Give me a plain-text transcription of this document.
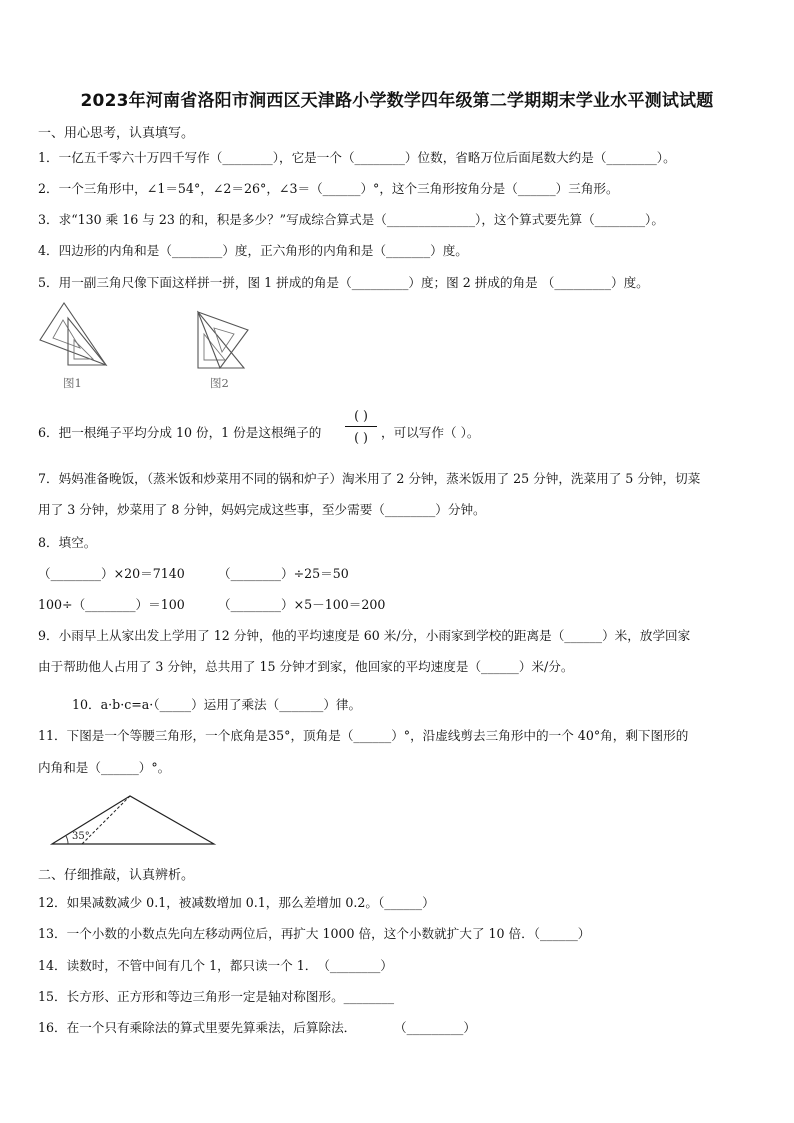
2023年河南省洛阳市涧西区天津路小学数学四年级第二学期期末学业水平测试试题
一、用心思考，认真填写。
1．一亿五千零六十万四千写作（________），它是一个（________）位数，省略万位后面尾数大约是（________）。
2．一个三角形中，∠1＝54°，∠2＝26°，∠3＝（______）°，这个三角形按角分是（______）三角形。
3．求“130 乘 16 与 23 的和，积是多少？”写成综合算式是（______________），这个算式要先算（________）。
4．四边形的内角和是（________）度，正六角形的内角和是（_______）度。
5．用一副三角尺像下面这样拼一拼，图 1 拼成的角是（_________）度；图 2 拼成的角是 （_________）度。
图1	图2
6．把一根绳子平均分成 10 份，1 份是这根绳子的
( )
( )	，可以写作（ ）。
7．妈妈准备晚饭，（蒸米饭和炒菜用不同的锅和炉子）淘米用了 2 分钟，蒸米饭用了 25 分钟，洗菜用了 5 分钟，切菜
用了 3 分钟，炒菜用了 8 分钟，妈妈完成这些事，至少需要（________）分钟。
8．填空。
（________）×20＝7140	（________）÷25＝50
100÷（________）＝100	（________）×5－100＝200
9．小雨早上从家出发上学用了 12 分钟，他的平均速度是 60 米/分，小雨家到学校的距离是（______）米，放学回家
由于帮助他人占用了 3 分钟，总共用了 15 分钟才到家，他回家的平均速度是（______）米/分。
10．a·b·c=a·（_____）运用了乘法（_______）律。
11．下图是一个等腰三角形，一个底角是35°，顶角是（______）°，沿虚线剪去三角形中的一个 40°角，剩下图形的
内角和是（______）°。
35°
二、仔细推敲，认真辨析。
12．如果减数减少 0.1，被减数增加 0.1，那么差增加 0.2。（______）
13．一个小数的小数点先向左移动两位后，再扩大 1000 倍，这个小数就扩大了 10 倍．（______）
14．读数时，不管中间有几个 1，都只读一个 1．　（________）
15．长方形、正方形和等边三角形一定是轴对称图形。________
16．在一个只有乘除法的算式里要先算乘法，后算除法．　　　　（_________）
